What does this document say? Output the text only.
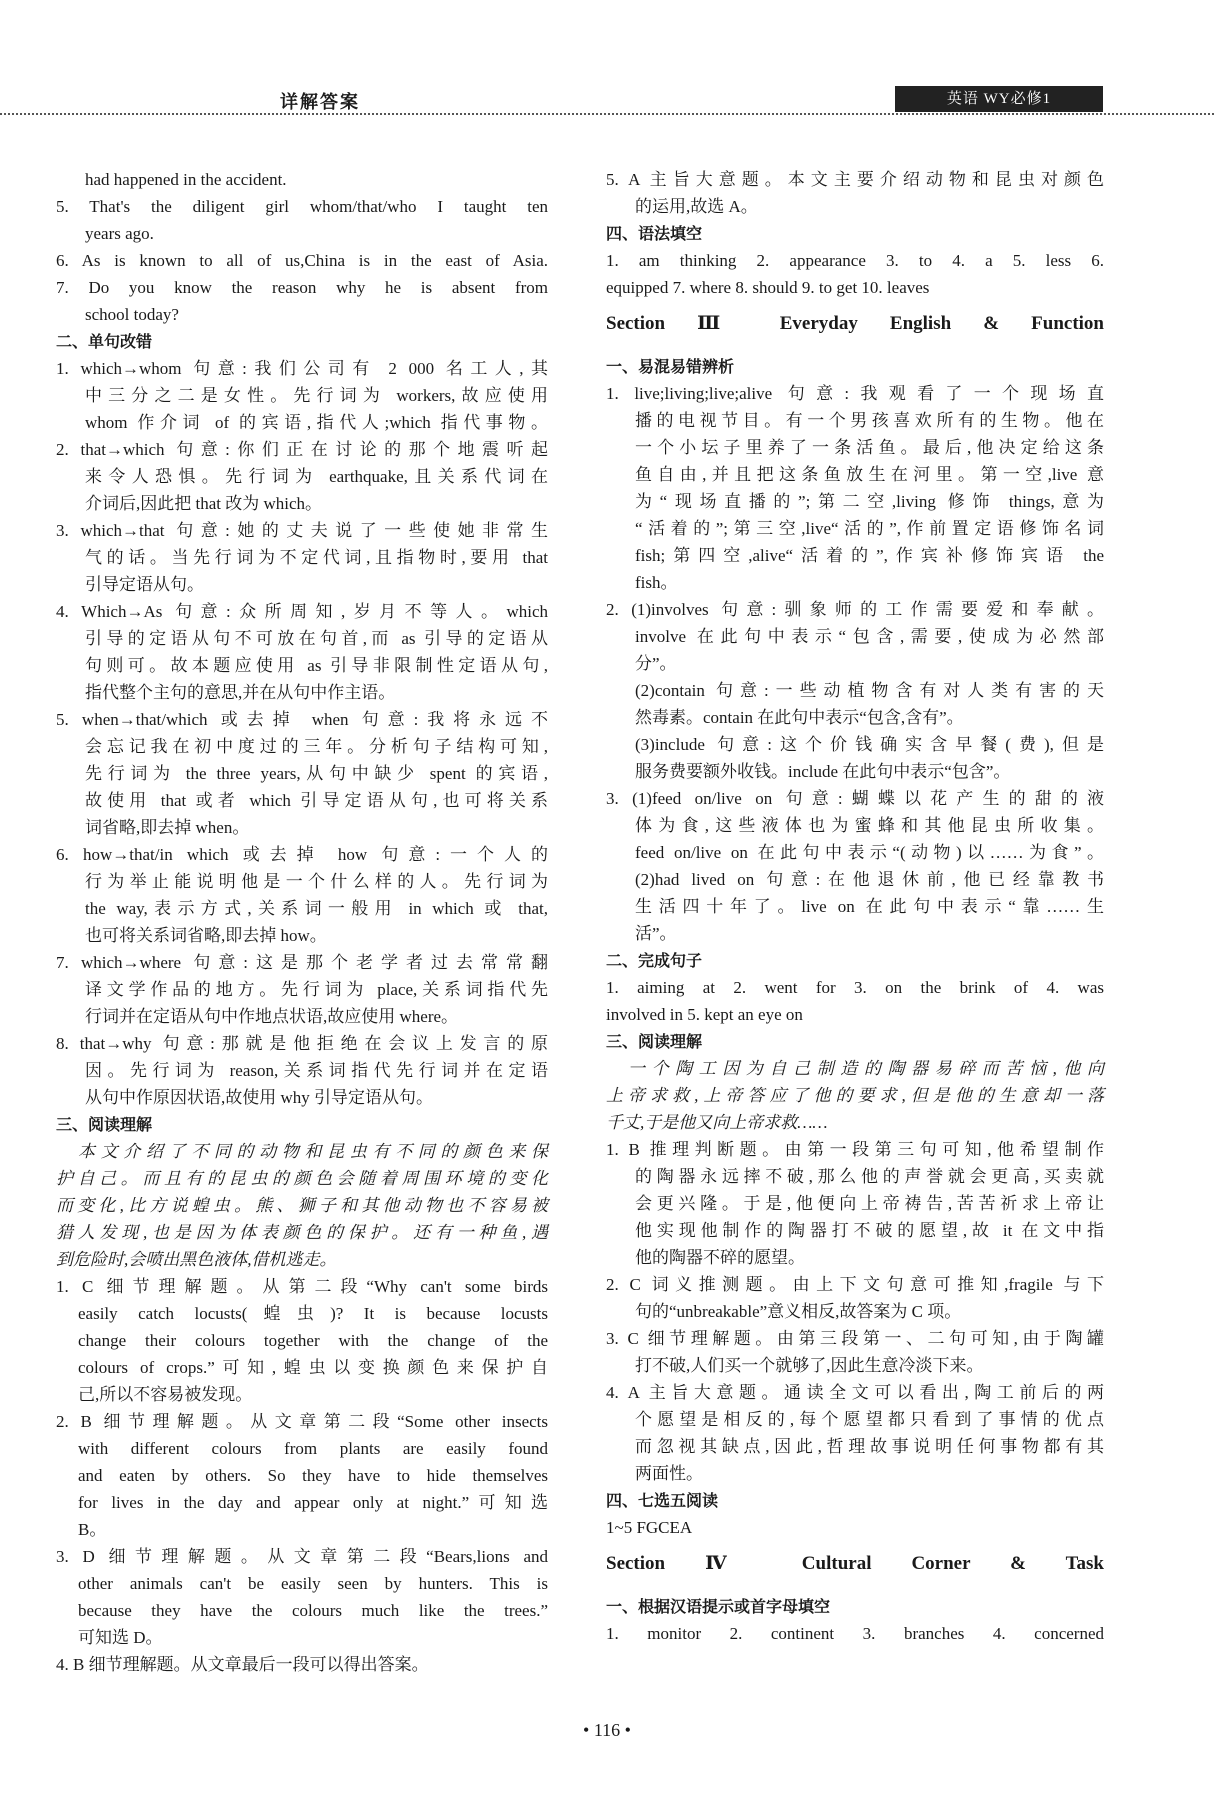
详解答案	英语 WY必修1
had happened in the accident.
5. That's the diligent girl whom/that/who I taught ten
years ago.
6. As is known to all of us,China is in the east of Asia.
7. Do you know the reason why he is absent from
school today?
二、单句改错
1. which→whom 句意:我们公司有 2 000 名工人,其
中三分之二是女性。先行词为 workers,故应使用
whom 作介词 of 的宾语,指代人;which 指代事物。
2. that→which 句意:你们正在讨论的那个地震听起
来令人恐惧。先行词为 earthquake,且关系代词在
介词后,因此把 that 改为 which。
3. which→that 句意:她的丈夫说了一些使她非常生
气的话。当先行词为不定代词,且指物时,要用 that
引导定语从句。
4. Which→As 句意:众所周知,岁月不等人。which
引导的定语从句不可放在句首,而 as 引导的定语从
句则可。故本题应使用 as 引导非限制性定语从句,
指代整个主句的意思,并在从句中作主语。
5. when→that/which 或去掉 when 句意:我将永远不
会忘记我在初中度过的三年。分析句子结构可知,
先行词为 the three years,从句中缺少 spent 的宾语,
故使用 that 或者 which 引导定语从句,也可将关系
词省略,即去掉 when。
6. how→that/in which 或去掉 how 句意:一个人的
行为举止能说明他是一个什么样的人。先行词为
the way,表示方式,关系词一般用 in which 或 that,
也可将关系词省略,即去掉 how。
7. which→where 句意:这是那个老学者过去常常翻
译文学作品的地方。先行词为 place,关系词指代先
行词并在定语从句中作地点状语,故应使用 where。
8. that→why 句意:那就是他拒绝在会议上发言的原
因。先行词为 reason,关系词指代先行词并在定语
从句中作原因状语,故使用 why 引导定语从句。
三、阅读理解
本文介绍了不同的动物和昆虫有不同的颜色来保
护自己。而且有的昆虫的颜色会随着周围环境的变化
而变化,比方说蝗虫。熊、狮子和其他动物也不容易被
猎人发现,也是因为体表颜色的保护。还有一种鱼,遇
到危险时,会喷出黑色液体,借机逃走。
1. C 细节理解题。从第二段“Why can't some birds
easily catch locusts(蝗虫)? It is because locusts
change their colours together with the change of the
colours of crops.”可知,蝗虫以变换颜色来保护自
己,所以不容易被发现。
2. B 细节理解题。从文章第二段“Some other insects
with different colours from plants are easily found
and eaten by others. So they have to hide themselves
for lives in the day and appear only at night.”可知选
B。
3. D 细节理解题。从文章第二段“Bears,lions and
other animals can't be easily seen by hunters. This is
because they have the colours much like the trees.”
可知选 D。
4. B 细节理解题。从文章最后一段可以得出答案。
5. A 主旨大意题。本文主要介绍动物和昆虫对颜色
的运用,故选 A。
四、语法填空
1. am thinking 2. appearance 3. to 4. a 5. less 6.
equipped 7. where 8. should 9. to get 10. leaves
Section Ⅲ Everyday English & Function
一、易混易错辨析
1. live;living;live;alive 句意:我观看了一个现场直
播的电视节目。有一个男孩喜欢所有的生物。他在
一个小坛子里养了一条活鱼。最后,他决定给这条
鱼自由,并且把这条鱼放生在河里。第一空,live 意
为“现场直播的”;第二空,living 修饰 things,意为
“活着的”;第三空,live“活的”,作前置定语修饰名词
fish;第四空,alive“活着的”,作宾补修饰宾语 the
fish。
2. (1)involves 句意:驯象师的工作需要爱和奉献。
involve 在此句中表示“包含,需要,使成为必然部
分”。
(2)contain 句意:一些动植物含有对人类有害的天
然毒素。contain 在此句中表示“包含,含有”。
(3)include 句意:这个价钱确实含早餐(费),但是
服务费要额外收钱。include 在此句中表示“包含”。
3. (1)feed on/live on 句意:蝴蝶以花产生的甜的液
体为食,这些液体也为蜜蜂和其他昆虫所收集。
feed on/live on 在此句中表示“(动物)以……为食”。
(2)had lived on 句意:在他退休前,他已经靠教书
生活四十年了。live on 在此句中表示“靠……生
活”。
二、完成句子
1. aiming at 2. went for 3. on the brink of 4. was
involved in 5. kept an eye on
三、阅读理解
一个陶工因为自己制造的陶器易碎而苦恼,他向
上帝求救,上帝答应了他的要求,但是他的生意却一落
千丈,于是他又向上帝求救……
1. B 推理判断题。由第一段第三句可知,他希望制作
的陶器永远摔不破,那么他的声誉就会更高,买卖就
会更兴隆。于是,他便向上帝祷告,苦苦祈求上帝让
他实现他制作的陶器打不破的愿望,故 it 在文中指
他的陶器不碎的愿望。
2. C 词义推测题。由上下文句意可推知,fragile 与下
句的“unbreakable”意义相反,故答案为 C 项。
3. C 细节理解题。由第三段第一、二句可知,由于陶罐
打不破,人们买一个就够了,因此生意冷淡下来。
4. A 主旨大意题。通读全文可以看出,陶工前后的两
个愿望是相反的,每个愿望都只看到了事情的优点
而忽视其缺点,因此,哲理故事说明任何事物都有其
两面性。
四、七选五阅读
1~5 FGCEA
Section Ⅳ Cultural Corner & Task
一、根据汉语提示或首字母填空
1. monitor 2. continent 3. branches 4. concerned
• 116 •
